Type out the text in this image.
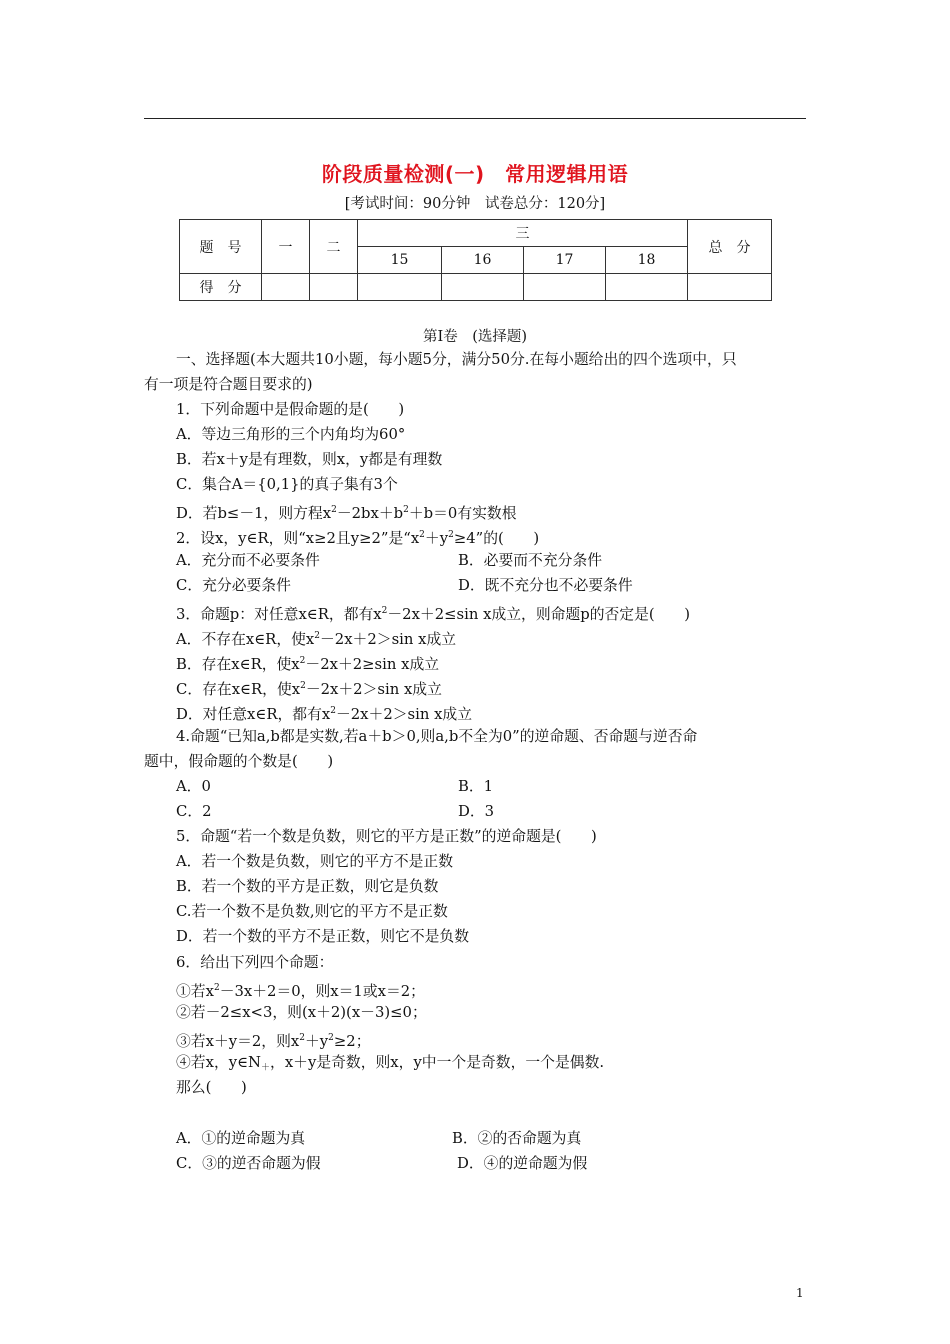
阶段质量检测(一)　常用逻辑用语
[考试时间：90分钟　试卷总分：120分]
题　号	一	二	三				总　分
			15	16	17	18	
得　分							
第Ⅰ卷　(选择题)
一、选择题(本大题共10小题，每小题5分，满分50分.在每小题给出的四个选项中，只
有一项是符合题目要求的)
1．下列命题中是假命题的是(　　)
A．等边三角形的三个内角均为60°
B．若x＋y是有理数，则x，y都是有理数
C．集合A＝{0,1}的真子集有3个
D．若b≤－1，则方程$x^2-2bx+b^2+b=0$有实数根
2．设x，y∈R，则“x≥2且y≥2”是“$x^2+y^2\ge 4$”的(　　)
A．充分而不必要条件	B．必要而不充分条件
C．充分必要条件	D．既不充分也不必要条件
3．命题p：对任意x∈R，都有$x^2-2x+2\le\sin$ x成立，则命题p的否定是(　　)
A．不存在x∈R，使$x^2-2x+2>\sin$ x成立
B．存在x∈R，使$x^2-2x+2\ge\sin$ x成立
C．存在x∈R，使$x^2-2x+2>\sin$ x成立
D．对任意x∈R，都有$x^2-2x+2>\sin$ x成立
4.命题“已知a,b都是实数,若a＋b＞0,则a,b不全为0”的逆命题、否命题与逆否命
题中，假命题的个数是(　　)
A．0	B．1
C．2	D．3
5．命题“若一个数是负数，则它的平方是正数”的逆命题是(　　)
A．若一个数是负数，则它的平方不是正数
B．若一个数的平方是正数，则它是负数
C.若一个数不是负数,则它的平方不是正数
D．若一个数的平方不是正数，则它不是负数
6．给出下列四个命题：
①若$x^2-3x+2=0$，则x＝1或x＝2；
②若－2≤x<3，则(x＋2)(x－3)≤0；
③若x＋y＝2，则$x^2+y^2\ge 2$；
④若x，$y\in N_+$，x＋y是奇数，则x，y中一个是奇数，一个是偶数.
那么(　　)
A．①的逆命题为真	B．②的否命题为真
C．③的逆否命题为假	D．④的逆命题为假
1
